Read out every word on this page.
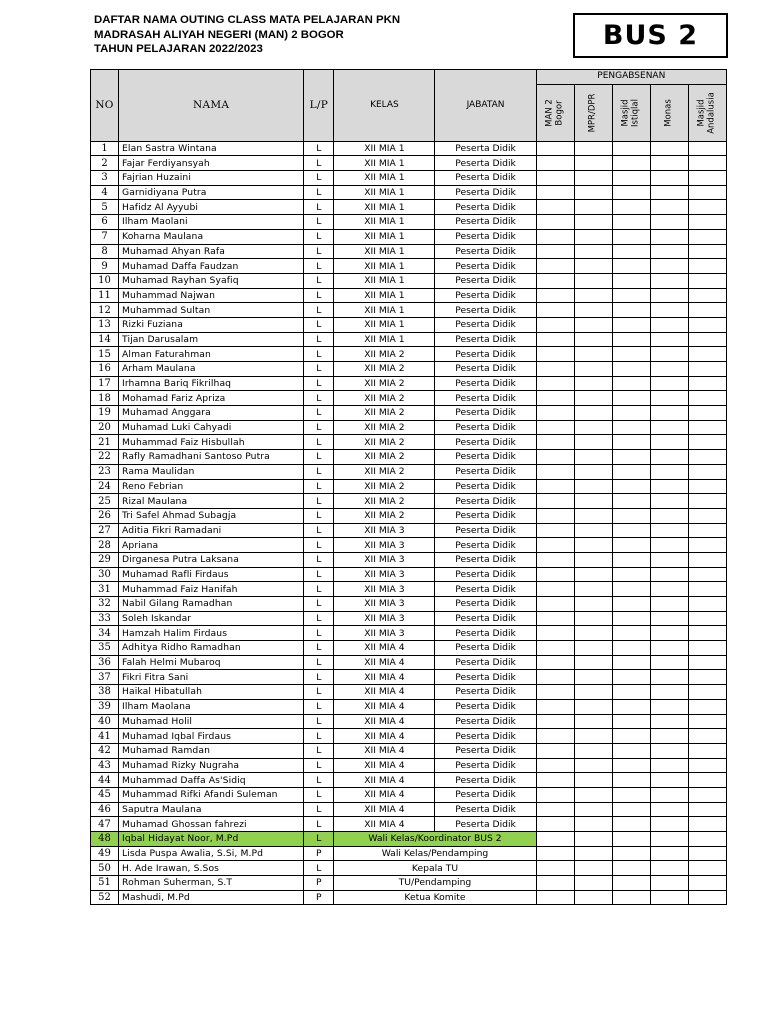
DAFTAR NAMA OUTING CLASS MATA PELAJARAN PKN
MADRASAH ALIYAH NEGERI (MAN) 2 BOGOR
TAHUN PELAJARAN 2022/2023	BUS 2
NO	NAMA	L/P	KELAS	JABATAN	PENGABSENAN				

					MAN 2 Bogor	MPR/DPR	Masjid Istiqlal	Monas	Masjid Andalusia

1	Elan Sastra Wintana	L	XII MIA 1	Peserta Didik					
2	Fajar Ferdiyansyah	L	XII MIA 1	Peserta Didik					
3	Fajrian Huzaini	L	XII MIA 1	Peserta Didik					
4	Garnidiyana Putra	L	XII MIA 1	Peserta Didik					
5	Hafidz Al Ayyubi	L	XII MIA 1	Peserta Didik					
6	Ilham Maolani	L	XII MIA 1	Peserta Didik					
7	Koharna Maulana	L	XII MIA 1	Peserta Didik					
8	Muhamad Ahyan Rafa	L	XII MIA 1	Peserta Didik					
9	Muhamad Daffa Faudzan	L	XII MIA 1	Peserta Didik					
10	Muhamad Rayhan Syafiq	L	XII MIA 1	Peserta Didik					
11	Muhammad Najwan	L	XII MIA 1	Peserta Didik					
12	Muhammad Sultan	L	XII MIA 1	Peserta Didik					
13	Rizki Fuziana	L	XII MIA 1	Peserta Didik					
14	Tijan Darusalam	L	XII MIA 1	Peserta Didik					
15	Alman Faturahman	L	XII MIA 2	Peserta Didik					
16	Arham Maulana	L	XII MIA 2	Peserta Didik					
17	Irhamna Bariq Fikrilhaq	L	XII MIA 2	Peserta Didik					
18	Mohamad Fariz Apriza	L	XII MIA 2	Peserta Didik					
19	Muhamad Anggara	L	XII MIA 2	Peserta Didik					
20	Muhamad Luki Cahyadi	L	XII MIA 2	Peserta Didik					
21	Muhammad Faiz Hisbullah	L	XII MIA 2	Peserta Didik					
22	Rafly Ramadhani Santoso Putra	L	XII MIA 2	Peserta Didik					
23	Rama Maulidan	L	XII MIA 2	Peserta Didik					
24	Reno Febrian	L	XII MIA 2	Peserta Didik					
25	Rizal Maulana	L	XII MIA 2	Peserta Didik					
26	Tri Safel Ahmad Subagja	L	XII MIA 2	Peserta Didik					
27	Aditia Fikri Ramadani	L	XII MIA 3	Peserta Didik					
28	Apriana	L	XII MIA 3	Peserta Didik					
29	Dirganesa Putra Laksana	L	XII MIA 3	Peserta Didik					
30	Muhamad Rafli Firdaus	L	XII MIA 3	Peserta Didik					
31	Muhammad Faiz Hanifah	L	XII MIA 3	Peserta Didik					
32	Nabil Gilang Ramadhan	L	XII MIA 3	Peserta Didik					
33	Soleh Iskandar	L	XII MIA 3	Peserta Didik					
34	Hamzah Halim Firdaus	L	XII MIA 3	Peserta Didik					
35	Adhitya Ridho Ramadhan	L	XII MIA 4	Peserta Didik					
36	Falah Helmi Mubaroq	L	XII MIA 4	Peserta Didik					
37	Fikri Fitra Sani	L	XII MIA 4	Peserta Didik					
38	Haikal Hibatullah	L	XII MIA 4	Peserta Didik					
39	Ilham Maolana	L	XII MIA 4	Peserta Didik					
40	Muhamad Holil	L	XII MIA 4	Peserta Didik					
41	Muhamad Iqbal Firdaus	L	XII MIA 4	Peserta Didik					
42	Muhamad Ramdan	L	XII MIA 4	Peserta Didik					
43	Muhamad Rizky Nugraha	L	XII MIA 4	Peserta Didik					
44	Muhammad Daffa As'Sidiq	L	XII MIA 4	Peserta Didik					
45	Muhammad Rifki Afandi Suleman	L	XII MIA 4	Peserta Didik					
46	Saputra Maulana	L	XII MIA 4	Peserta Didik					
47	Muhamad Ghossan fahrezi	L	XII MIA 4	Peserta Didik					
48	Iqbal Hidayat Noor, M.Pd	L	Wali Kelas/Koordinator BUS 2						
49	Lisda Puspa Awalia, S.Si, M.Pd	P	Wali Kelas/Pendamping						
50	H. Ade Irawan, S.Sos	L	Kepala TU						
51	Rohman Suherman, S.T	P	TU/Pendamping						
52	Mashudi, M.Pd	P	Ketua Komite						
